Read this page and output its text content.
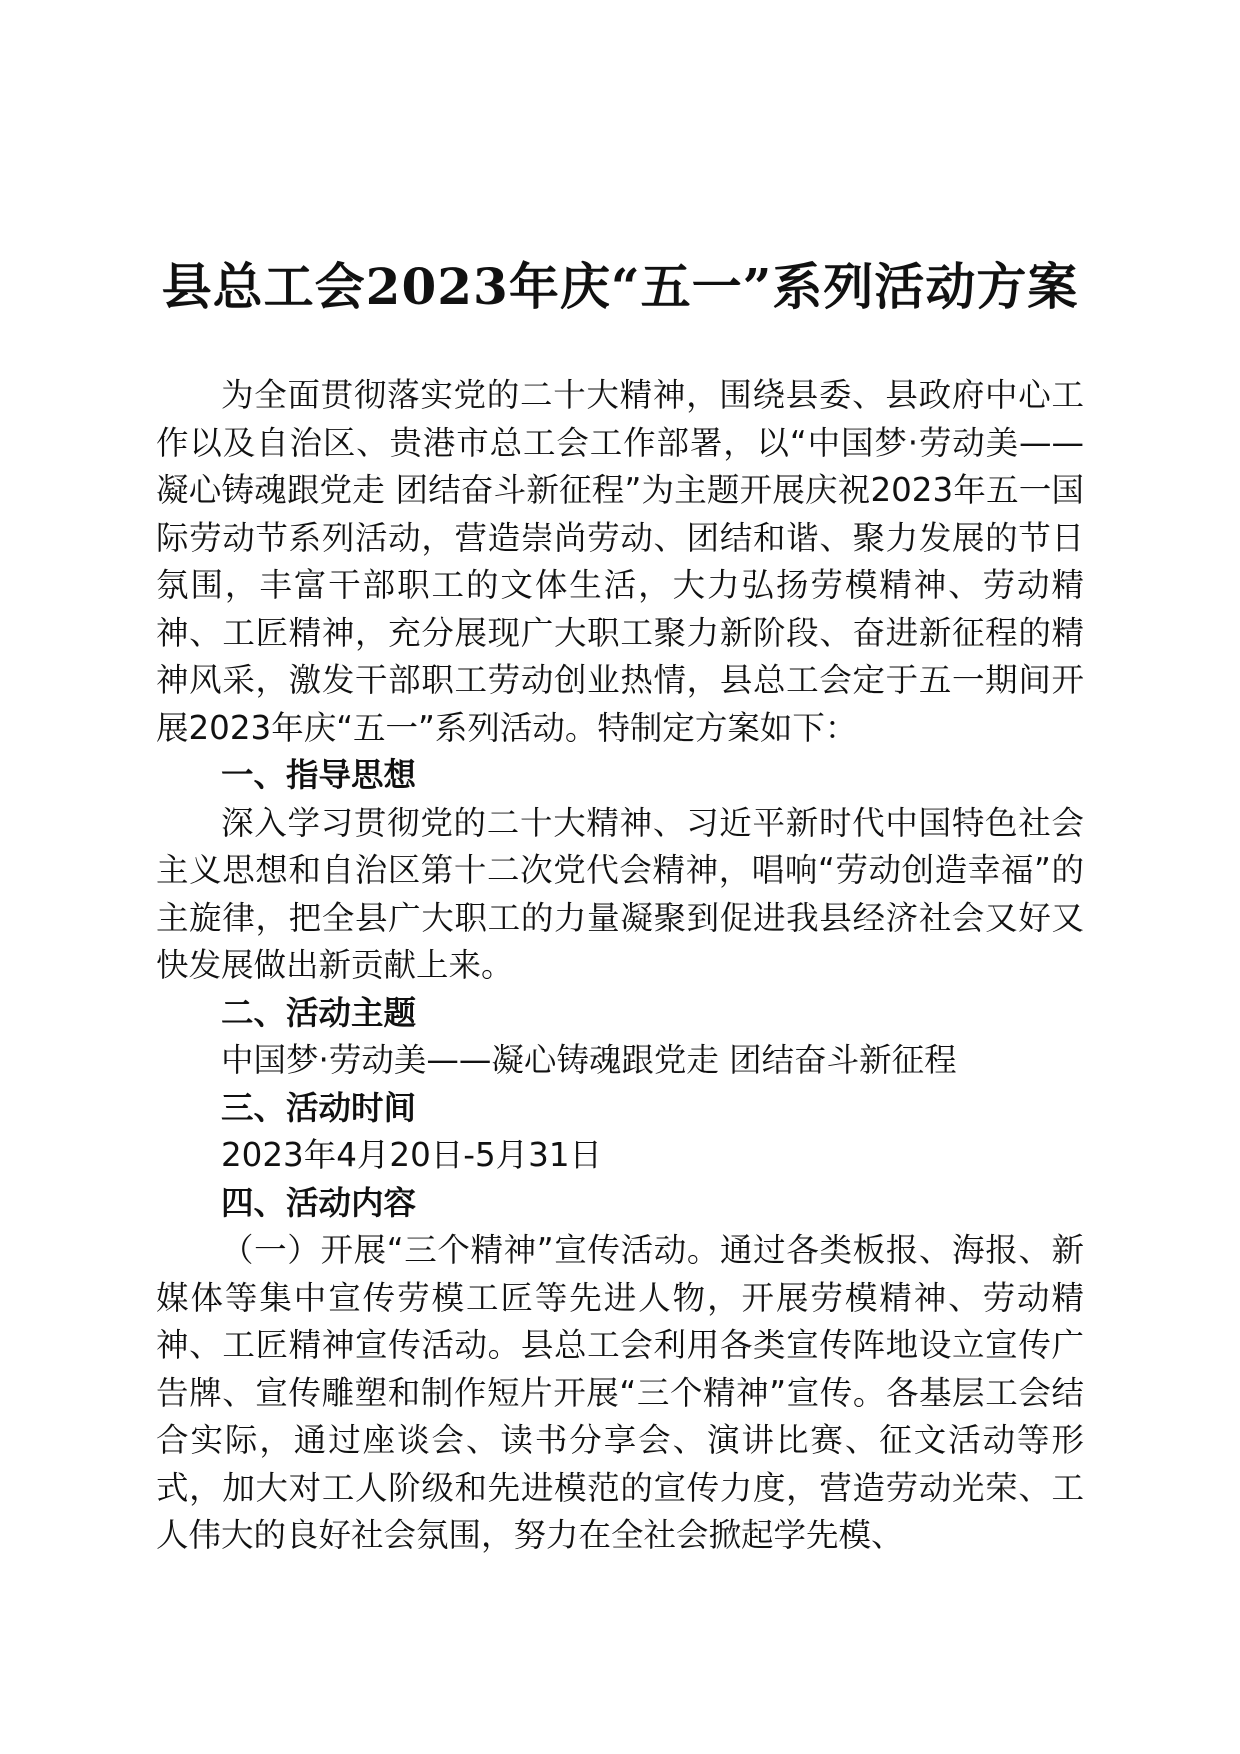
县总工会2023年庆“五一”系列活动方案

为全面贯彻落实党的二十大精神，围绕县委、县政府中心工作以及自治区、贵港市总工会工作部署，以“中国梦·劳动美——凝心铸魂跟党走 团结奋斗新征程”为主题开展庆祝2023年五一国际劳动节系列活动，营造崇尚劳动、团结和谐、聚力发展的节日氛围，丰富干部职工的文体生活，大力弘扬劳模精神、劳动精神、工匠精神，充分展现广大职工聚力新阶段、奋进新征程的精神风采，激发干部职工劳动创业热情，县总工会定于五一期间开展2023年庆“五一”系列活动。特制定方案如下：

一、指导思想

深入学习贯彻党的二十大精神、习近平新时代中国特色社会主义思想和自治区第十二次党代会精神，唱响“劳动创造幸福”的主旋律，把全县广大职工的力量凝聚到促进我县经济社会又好又快发展做出新贡献上来。

二、活动主题

中国梦·劳动美——凝心铸魂跟党走 团结奋斗新征程

三、活动时间

2023年4月20日-5月31日

四、活动内容

（一）开展“三个精神”宣传活动。通过各类板报、海报、新媒体等集中宣传劳模工匠等先进人物，开展劳模精神、劳动精神、工匠精神宣传活动。县总工会利用各类宣传阵地设立宣传广告牌、宣传雕塑和制作短片开展“三个精神”宣传。各基层工会结合实际，通过座谈会、读书分享会、演讲比赛、征文活动等形式，加大对工人阶级和先进模范的宣传力度，营造劳动光荣、工人伟大的良好社会氛围，努力在全社会掀起学先模、
